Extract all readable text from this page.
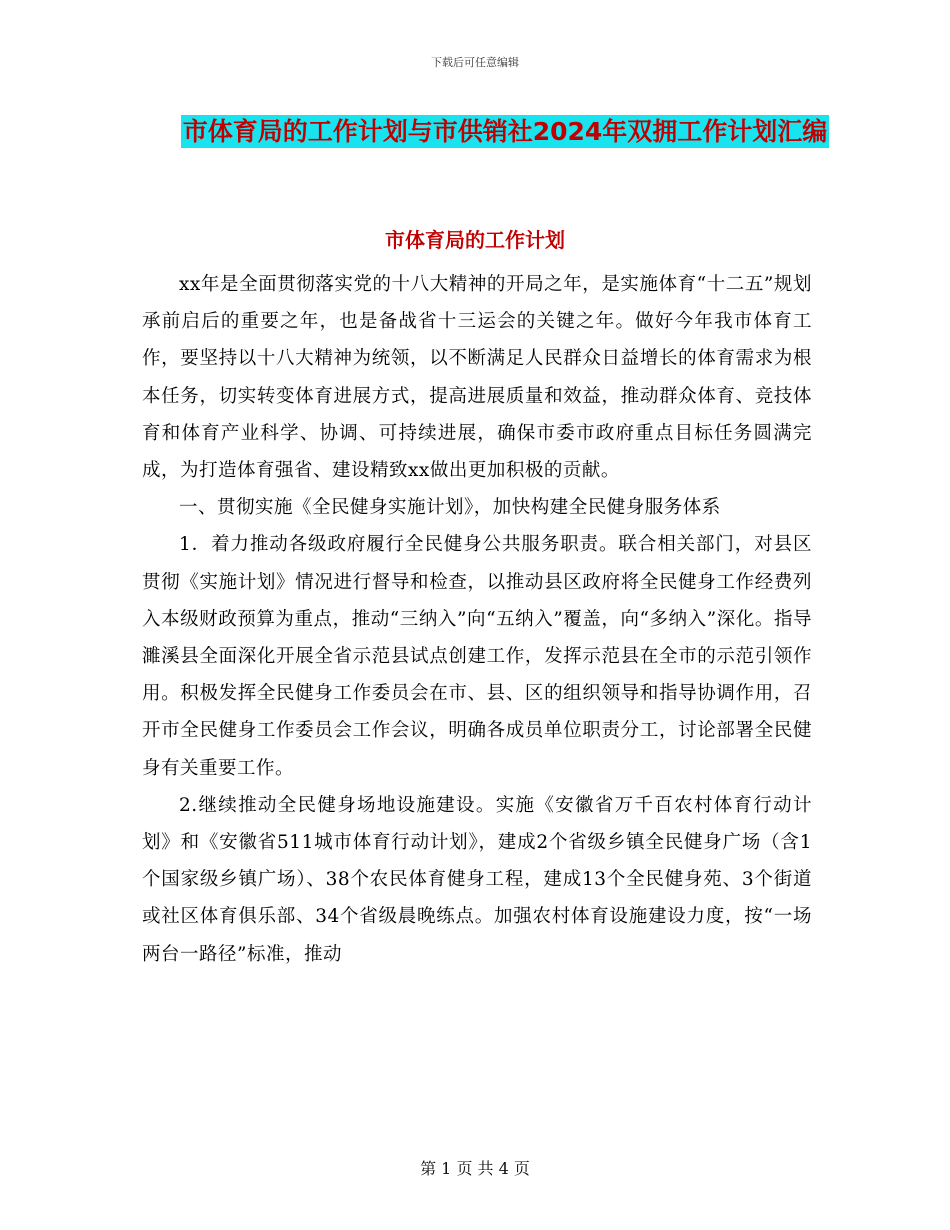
下载后可任意编辑
市体育局的工作计划与市供销社2024年双拥工作计划汇编
市体育局的工作计划

xx年是全面贯彻落实党的十八大精神的开局之年，是实施体育“十二五”规划承前启后的重要之年，也是备战省十三运会的关键之年。做好今年我市体育工作，要坚持以十八大精神为统领，以不断满足人民群众日益增长的体育需求为根本任务，切实转变体育进展方式，提高进展质量和效益，推动群众体育、竞技体育和体育产业科学、协调、可持续进展，确保市委市政府重点目标任务圆满完成，为打造体育强省、建设精致xx做出更加积极的贡献。

一、贯彻实施《全民健身实施计划》，加快构建全民健身服务体系

1．着力推动各级政府履行全民健身公共服务职责。联合相关部门，对县区贯彻《实施计划》情况进行督导和检查，以推动县区政府将全民健身工作经费列入本级财政预算为重点，推动“三纳入”向“五纳入”覆盖，向“多纳入”深化。指导濉溪县全面深化开展全省示范县试点创建工作，发挥示范县在全市的示范引领作用。积极发挥全民健身工作委员会在市、县、区的组织领导和指导协调作用，召开市全民健身工作委员会工作会议，明确各成员单位职责分工，讨论部署全民健身有关重要工作。

2.继续推动全民健身场地设施建设。实施《安徽省万千百农村体育行动计划》和《安徽省511城市体育行动计划》，建成2个省级乡镇全民健身广场（含1个国家级乡镇广场）、38个农民体育健身工程，建成13个全民健身苑、3个街道或社区体育俱乐部、34个省级晨晚练点。加强农村体育设施建设力度，按“一场两台一路径”标准，推动

第 1 页 共 4 页
